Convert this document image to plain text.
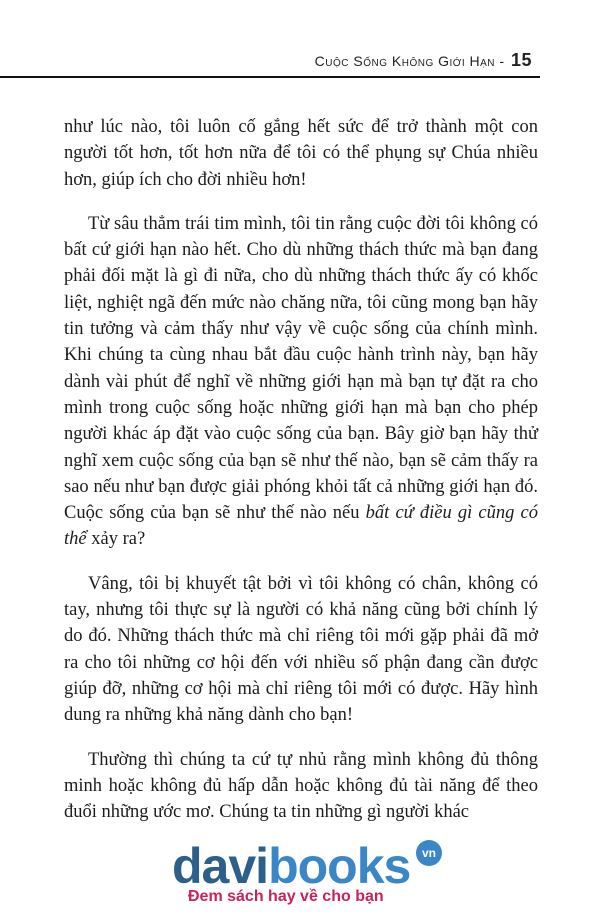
Cuộc Sống Không Giới Hạn - 15

như lúc nào, tôi luôn cố gắng hết sức để trở thành một con người tốt hơn, tốt hơn nữa để tôi có thể phụng sự Chúa nhiều hơn, giúp ích cho đời nhiều hơn!

Từ sâu thẳm trái tim mình, tôi tin rằng cuộc đời tôi không có bất cứ giới hạn nào hết. Cho dù những thách thức mà bạn đang phải đối mặt là gì đi nữa, cho dù những thách thức ấy có khốc liệt, nghiệt ngã đến mức nào chăng nữa, tôi cũng mong bạn hãy tin tưởng và cảm thấy như vậy về cuộc sống của chính mình. Khi chúng ta cùng nhau bắt đầu cuộc hành trình này, bạn hãy dành vài phút để nghĩ về những giới hạn mà bạn tự đặt ra cho mình trong cuộc sống hoặc những giới hạn mà bạn cho phép người khác áp đặt vào cuộc sống của bạn. Bây giờ bạn hãy thử nghĩ xem cuộc sống của bạn sẽ như thế nào, bạn sẽ cảm thấy ra sao nếu như bạn được giải phóng khỏi tất cả những giới hạn đó. Cuộc sống của bạn sẽ như thế nào nếu bất cứ điều gì cũng có thể xảy ra?

Vâng, tôi bị khuyết tật bởi vì tôi không có chân, không có tay, nhưng tôi thực sự là người có khả năng cũng bởi chính lý do đó. Những thách thức mà chỉ riêng tôi mới gặp phải đã mở ra cho tôi những cơ hội đến với nhiều số phận đang cần được giúp đỡ, những cơ hội mà chỉ riêng tôi mới có được. Hãy hình dung ra những khả năng dành cho bạn!

Thường thì chúng ta cứ tự nhủ rằng mình không đủ thông minh hoặc không đủ hấp dẫn hoặc không đủ tài năng để theo đuổi những ước mơ. Chúng ta tin những gì người khác

davibooks vn
Đem sách hay về cho bạn
